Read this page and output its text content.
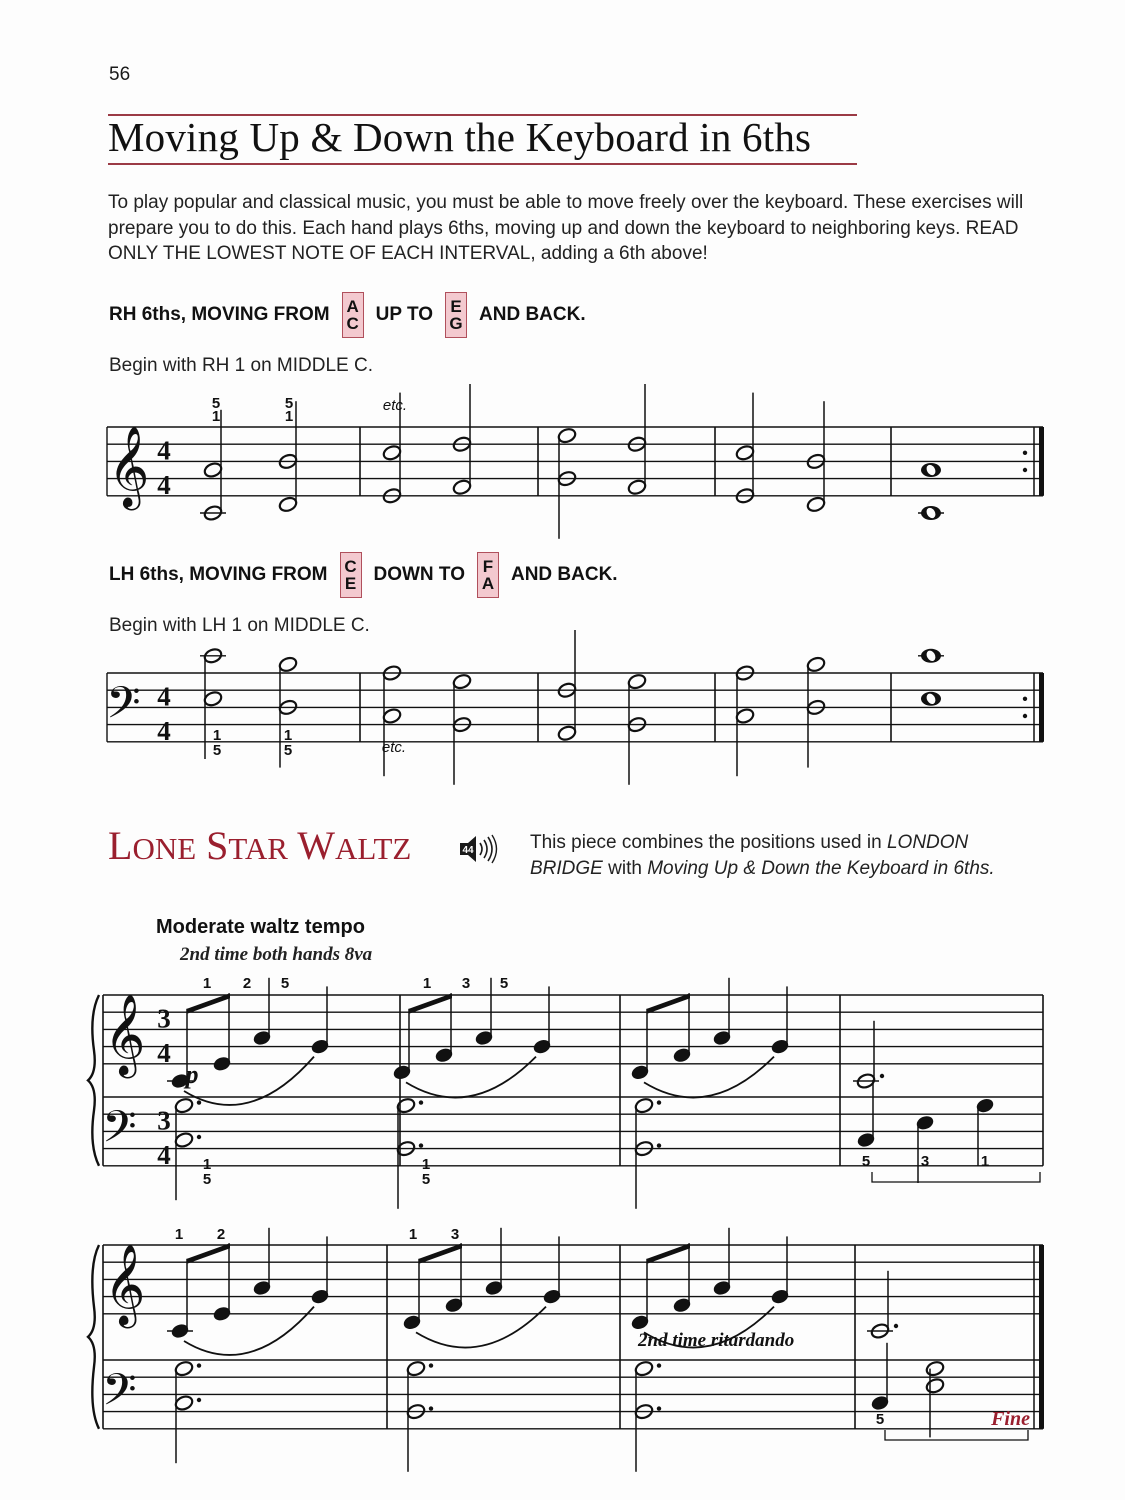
56
Moving Up & Down the Keyboard in 6ths
To play popular and classical music, you must be able to move freely over the keyboard. These exercises will prepare you to do this. Each hand plays 6ths, moving up and down the keyboard to neighboring keys. READ ONLY THE LOWEST NOTE OF EACH INTERVAL, adding a 6th above!
RH 6ths, MOVING FROM A
C UP TO E
G AND BACK.
Begin with RH 1 on MIDDLE C.
LH 6ths, MOVING FROM C
E DOWN TO F
A AND BACK.
Begin with LH 1 on MIDDLE C.
LONE STAR WALTZ	44	This piece combines the positions used in LONDON
BRIDGE with Moving Up & Down the Keyboard in 6ths.
Moderate waltz tempo
2nd time both hands 8va
𝄞 4
4
𝄢 4
4
5
1
5
1
etc.
1
5
1
5	etc.
𝄞
𝄢
3
4
3
4
p
1 2 5	1 3 5
1
5
1
5
5	3	1
𝄞
𝄢
1 2	1 3
5
2nd time ritardando
Fine
